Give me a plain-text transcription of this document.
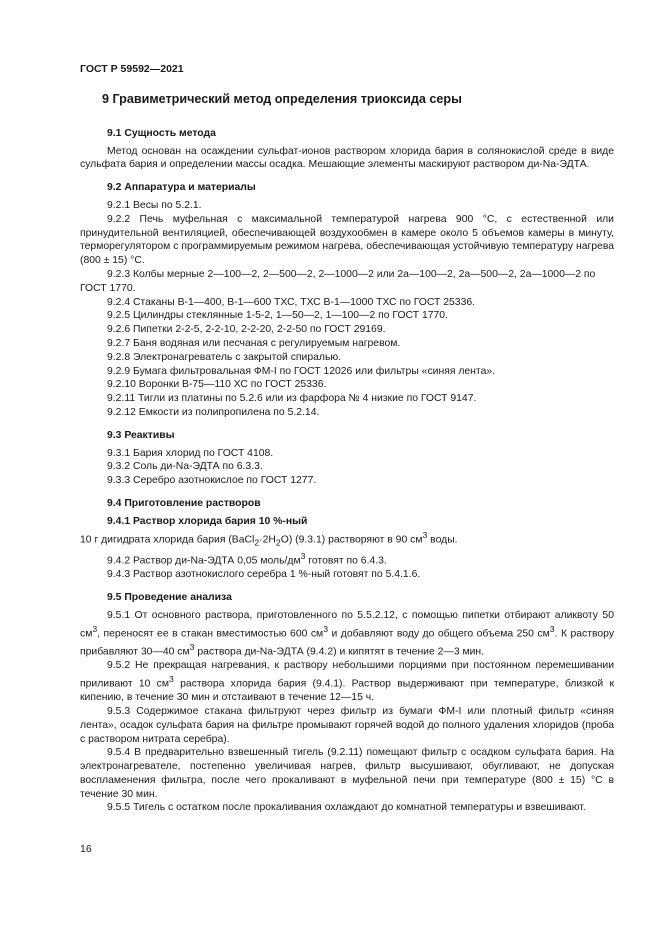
ГОСТ Р 59592—2021
9 Гравиметрический метод определения триоксида серы
9.1 Сущность метода

Метод основан на осаждении сульфат-ионов раствором хлорида бария в солянокислой среде в виде сульфата бария и определении массы осадка. Мешающие элементы маскируют раствором ди-Na-ЭДТА.

9.2 Аппаратура и материалы

9.2.1 Весы по 5.2.1.

9.2.2 Печь муфельная с максимальной температурой нагрева 900 °С, с естественной или принудительной вентиляцией, обеспечивающей воздухообмен в камере около 5 объемов камеры в минуту, терморегулятором с программируемым режимом нагрева, обеспечивающая устойчивую температуру нагрева (800 ± 15) °С.

9.2.3 Колбы мерные 2—100—2, 2—500—2, 2—1000—2 или 2а—100—2, 2а—500—2, 2а—1000—2 по ГОСТ 1770.

9.2.4 Стаканы В-1—400, В-1—600 ТХС, ТХС В-1—1000 ТХС по ГОСТ 25336.

9.2.5 Цилиндры стеклянные 1-5-2, 1—50—2, 1—100—2 по ГОСТ 1770.

9.2.6 Пипетки 2-2-5, 2-2-10, 2-2-20, 2-2-50 по ГОСТ 29169.

9.2.7 Баня водяная или песчаная с регулируемым нагревом.

9.2.8 Электронагреватель с закрытой спиралью.

9.2.9 Бумага фильтровальная ФМ-I по ГОСТ 12026 или фильтры «синяя лента».

9.2.10 Воронки В-75—110 ХС по ГОСТ 25336.

9.2.11 Тигли из платины по 5.2.6 или из фарфора № 4 низкие по ГОСТ 9147.

9.2.12 Емкости из полипропилена по 5.2.14.

9.3 Реактивы

9.3.1 Бария хлорид по ГОСТ 4108.

9.3.2 Соль ди-Na-ЭДТА по 6.3.3.

9.3.3 Серебро азотнокислое по ГОСТ 1277.

9.4 Приготовление растворов
9.4.1 Раствор хлорида бария 10 %-ный

10 г дигидрата хлорида бария $(BaCl_2\cdot 2H_2O)$ (9.3.1) растворяют в 90 $см^3$ воды.

9.4.2 Раствор ди-Na-ЭДТА 0,05 моль/$дм^3$ готовят по 6.4.3.

9.4.3 Раствор азотнокислого серебра 1 %-ный готовят по 5.4.1.6.

9.5 Проведение анализа

9.5.1 От основного раствора, приготовленного по 5.5.2.12, с помощью пипетки отбирают аликвоту 50 $см^3$, переносят ее в стакан вместимостью 600 $см^3$ и добавляют воду до общего объема 250 $см^3$. К раствору прибавляют 30—40 $см^3$ раствора ди-Na-ЭДТА (9.4.2) и кипятят в течение 2—3 мин.

9.5.2 Не прекращая нагревания, к раствору небольшими порциями при постоянном перемешивании приливают 10 $см^3$ раствора хлорида бария (9.4.1). Раствор выдерживают при температуре, близкой к кипению, в течение 30 мин и отстаивают в течение 12—15 ч.

9.5.3 Содержимое стакана фильтруют через фильтр из бумаги ФМ-I или плотный фильтр «синяя лента», осадок сульфата бария на фильтре промывают горячей водой до полного удаления хлоридов (проба с раствором нитрата серебра).

9.5.4 В предварительно взвешенный тигель (9.2.11) помещают фильтр с осадком сульфата бария. На электронагревателе, постепенно увеличивая нагрев, фильтр высушивают, обугливают, не допуская воспламенения фильтра, после чего прокаливают в муфельной печи при температуре (800 ± 15) °С в течение 30 мин.

9.5.5 Тигель с остатком после прокаливания охлаждают до комнатной температуры и взвешивают.

16
